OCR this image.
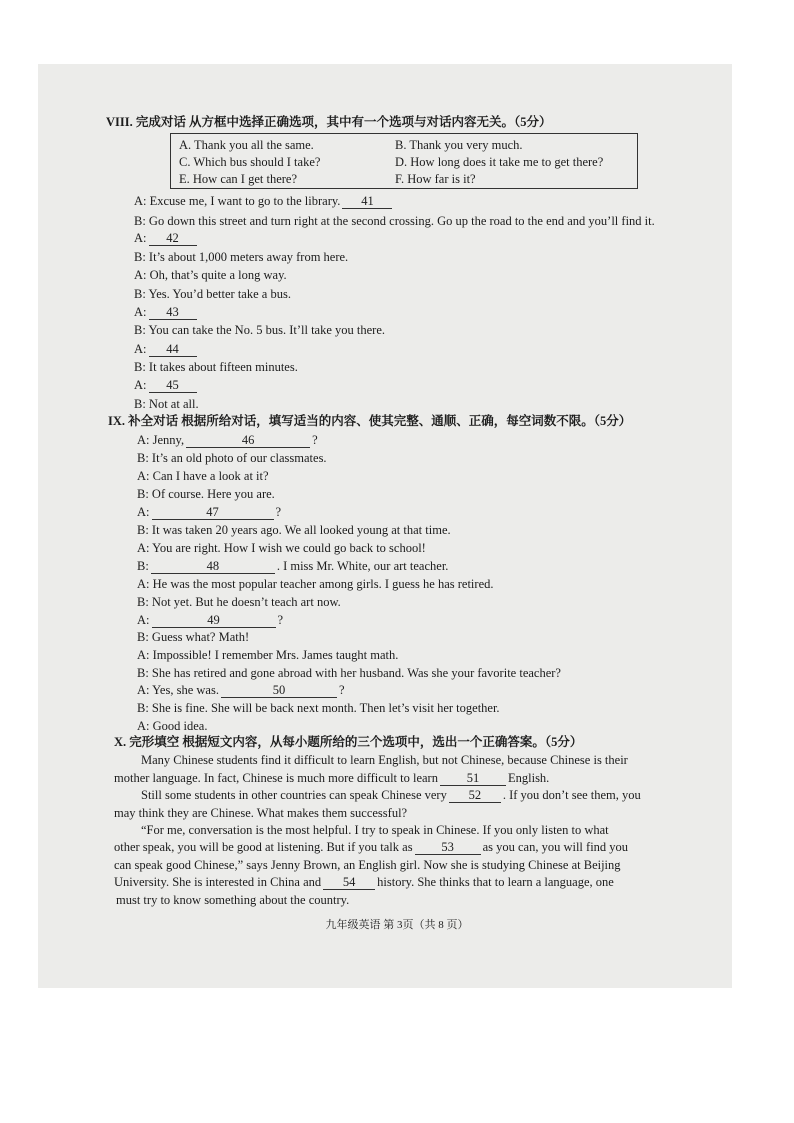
VIII. 完成对话 从方框中选择正确选项，其中有一个选项与对话内容无关。（5分）
A. Thank you all the same.	B. Thank you very much.
C. Which bus should I take?	D. How long does it take me to get there?
E. How can I get there?	F. How far is it?
A: Excuse me, I want to go to the library. 41
B: Go down this street and turn right at the second crossing. Go up the road to the end and you’ll find it.
A: 42
B: It’s about 1,000 meters away from here.
A: Oh, that’s quite a long way.
B: Yes. You’d better take a bus.
A: 43
B: You can take the No. 5 bus. It’ll take you there.
A: 44
B: It takes about fifteen minutes.
A: 45
B: Not at all.
IX. 补全对话 根据所给对话，填写适当的内容、使其完整、通顺、正确，每空词数不限。（5分）
A: Jenny,	46	?
B: It’s an old photo of our classmates.
A: Can I have a look at it?
B: Of course. Here you are.
A:	47	?
B: It was taken 20 years ago. We all looked young at that time.
A: You are right. How I wish we could go back to school!
B:	48	. I miss Mr. White, our art teacher.
A: He was the most popular teacher among girls. I guess he has retired.
B: Not yet. But he doesn’t teach art now.
A:	49	?
B: Guess what? Math!
A: Impossible! I remember Mrs. James taught math.
B: She has retired and gone abroad with her husband. Was she your favorite teacher?
A: Yes, she was.	50	?
B: She is fine. She will be back next month. Then let’s visit her together.
A: Good idea.
X. 完形填空 根据短文内容，从每小题所给的三个选项中，选出一个正确答案。（5分）
Many Chinese students find it difficult to learn English, but not Chinese, because Chinese is their
mother language. In fact, Chinese is much more difficult to learn 51 English.
Still some students in other countries can speak Chinese very 52 . If you don’t see them, you
may think they are Chinese. What makes them successful?
“For me, conversation is the most helpful. I try to speak in Chinese. If you only listen to what
other speak, you will be good at listening. But if you talk as 53 as you can, you will find you
can speak good Chinese,” says Jenny Brown, an English girl. Now she is studying Chinese at Beijing
University. She is interested in China and 54 history. She thinks that to learn a language, one
must try to know something about the country.
九年级英语 第 3页（共 8 页）
